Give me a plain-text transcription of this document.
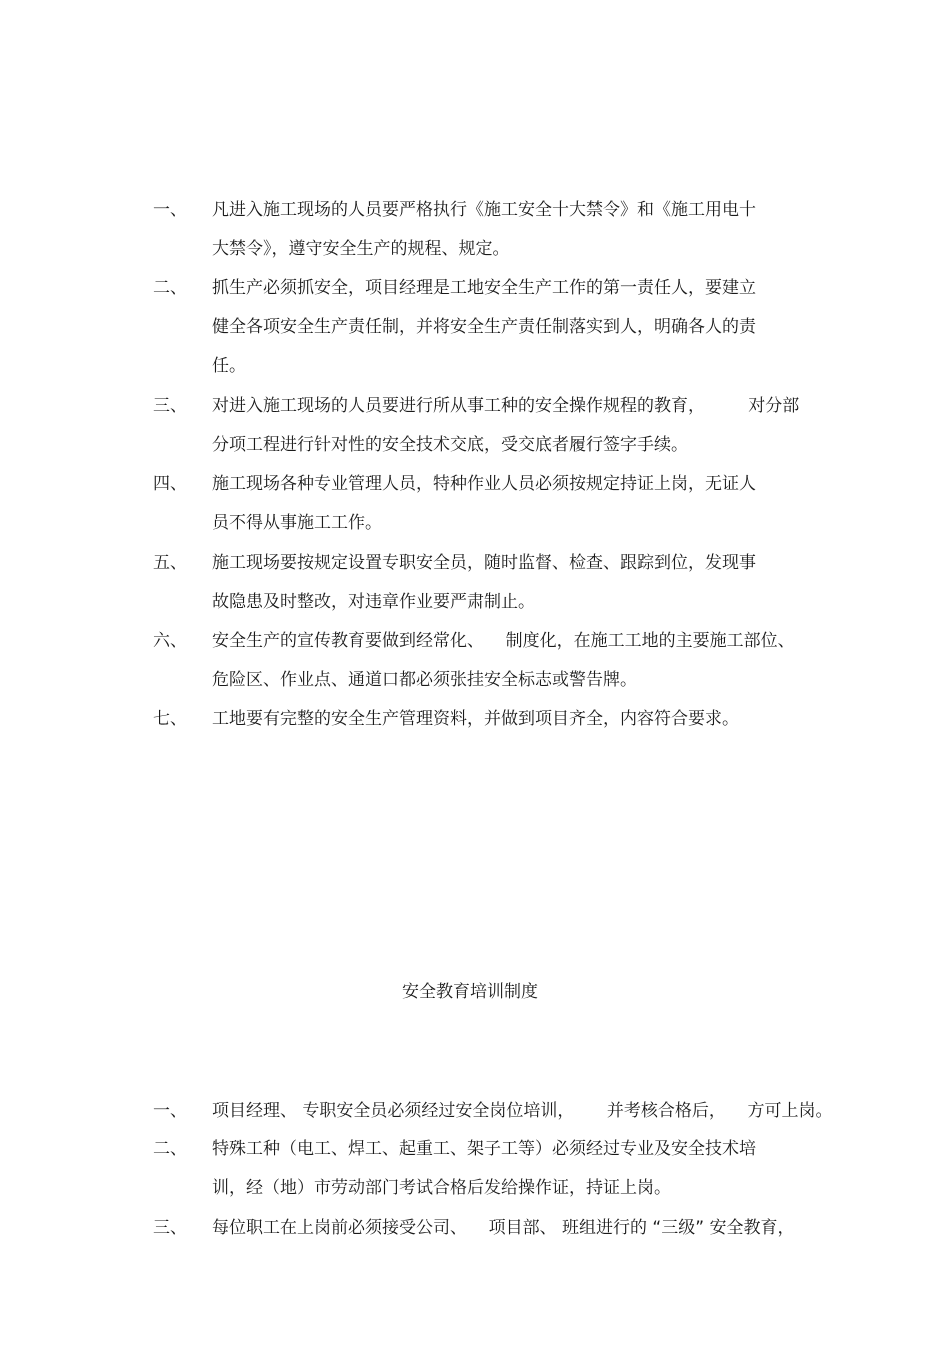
一、 凡进入施工现场的人员要严格执行《施工安全十大禁令》和《施工用电十
大禁令》，遵守安全生产的规程、规定。
二、 抓生产必须抓安全，项目经理是工地安全生产工作的第一责任人，要建立
健全各项安全生产责任制，并将安全生产责任制落实到人，明确各人的责
任。
三、 对进入施工现场的人员要进行所从事工种的安全操作规程的教育，        对分部
分项工程进行针对性的安全技术交底，受交底者履行签字手续。
四、 施工现场各种专业管理人员，特种作业人员必须按规定持证上岗，无证人
员不得从事施工工作。
五、 施工现场要按规定设置专职安全员，随时监督、检查、跟踪到位，发现事
故隐患及时整改，对违章作业要严肃制止。
六、 安全生产的宣传教育要做到经常化、    制度化，在施工工地的主要施工部位、
危险区、作业点、通道口都必须张挂安全标志或警告牌。
七、 工地要有完整的安全生产管理资料，并做到项目齐全，内容符合要求。
安全教育培训制度
一、 项目经理、 专职安全员必须经过安全岗位培训，      并考核合格后，    方可上岗。
二、 特殊工种（电工、焊工、起重工、架子工等）必须经过专业及安全技术培
训，经（地）市劳动部门考试合格后发给操作证，持证上岗。
三、 每位职工在上岗前必须接受公司、    项目部、 班组进行的 “三级” 安全教育，
